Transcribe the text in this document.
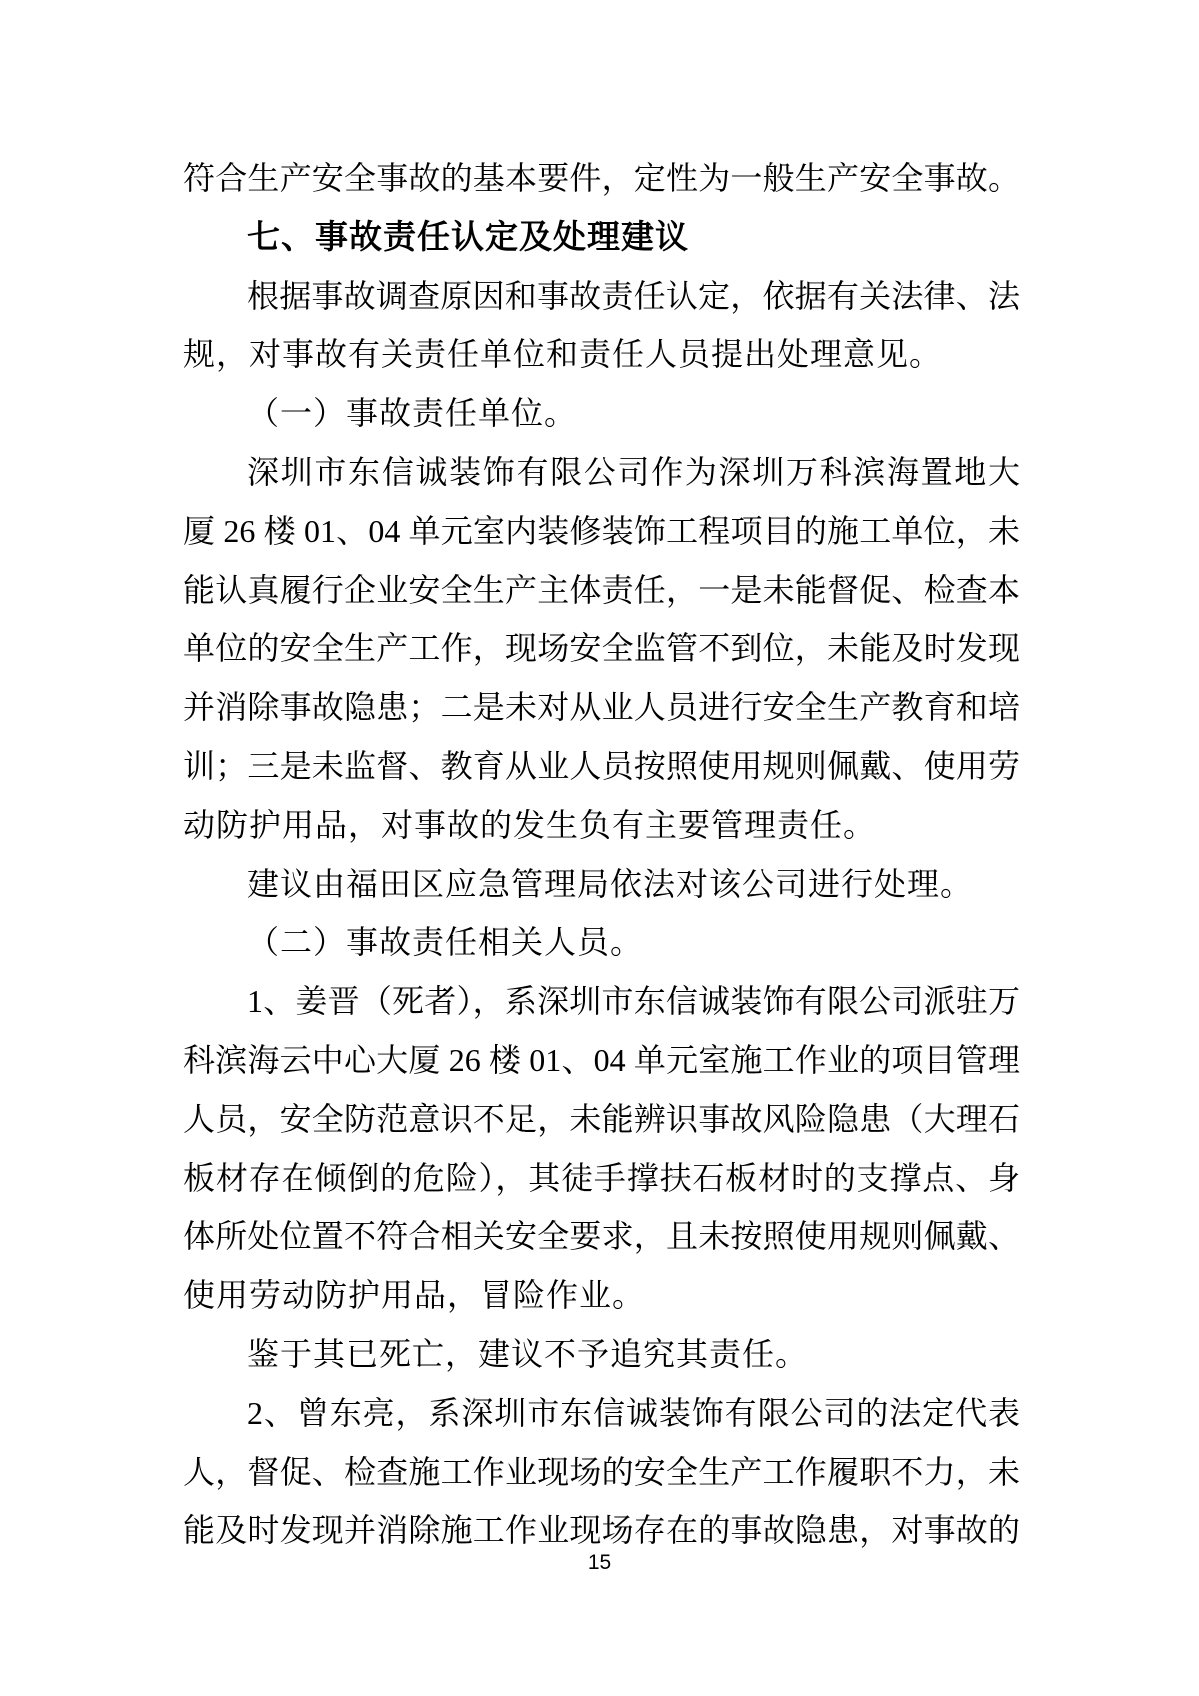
符合生产安全事故的基本要件，定性为一般生产安全事故。
七、事故责任认定及处理建议
根据事故调查原因和事故责任认定，依据有关法律、法
规，对事故有关责任单位和责任人员提出处理意见。
（一）事故责任单位。
深圳市东信诚装饰有限公司作为深圳万科滨海置地大
厦 26 楼 01、04 单元室内装修装饰工程项目的施工单位，未
能认真履行企业安全生产主体责任，一是未能督促、检查本
单位的安全生产工作，现场安全监管不到位，未能及时发现
并消除事故隐患；二是未对从业人员进行安全生产教育和培
训；三是未监督、教育从业人员按照使用规则佩戴、使用劳
动防护用品，对事故的发生负有主要管理责任。
建议由福田区应急管理局依法对该公司进行处理。
（二）事故责任相关人员。
1、姜晋（死者），系深圳市东信诚装饰有限公司派驻万
科滨海云中心大厦 26 楼 01、04 单元室施工作业的项目管理
人员，安全防范意识不足，未能辨识事故风险隐患（大理石
板材存在倾倒的危险），其徒手撑扶石板材时的支撑点、身
体所处位置不符合相关安全要求，且未按照使用规则佩戴、
使用劳动防护用品，冒险作业。
鉴于其已死亡，建议不予追究其责任。
2、曾东亮，系深圳市东信诚装饰有限公司的法定代表
人，督促、检查施工作业现场的安全生产工作履职不力，未
能及时发现并消除施工作业现场存在的事故隐患，对事故的
15
